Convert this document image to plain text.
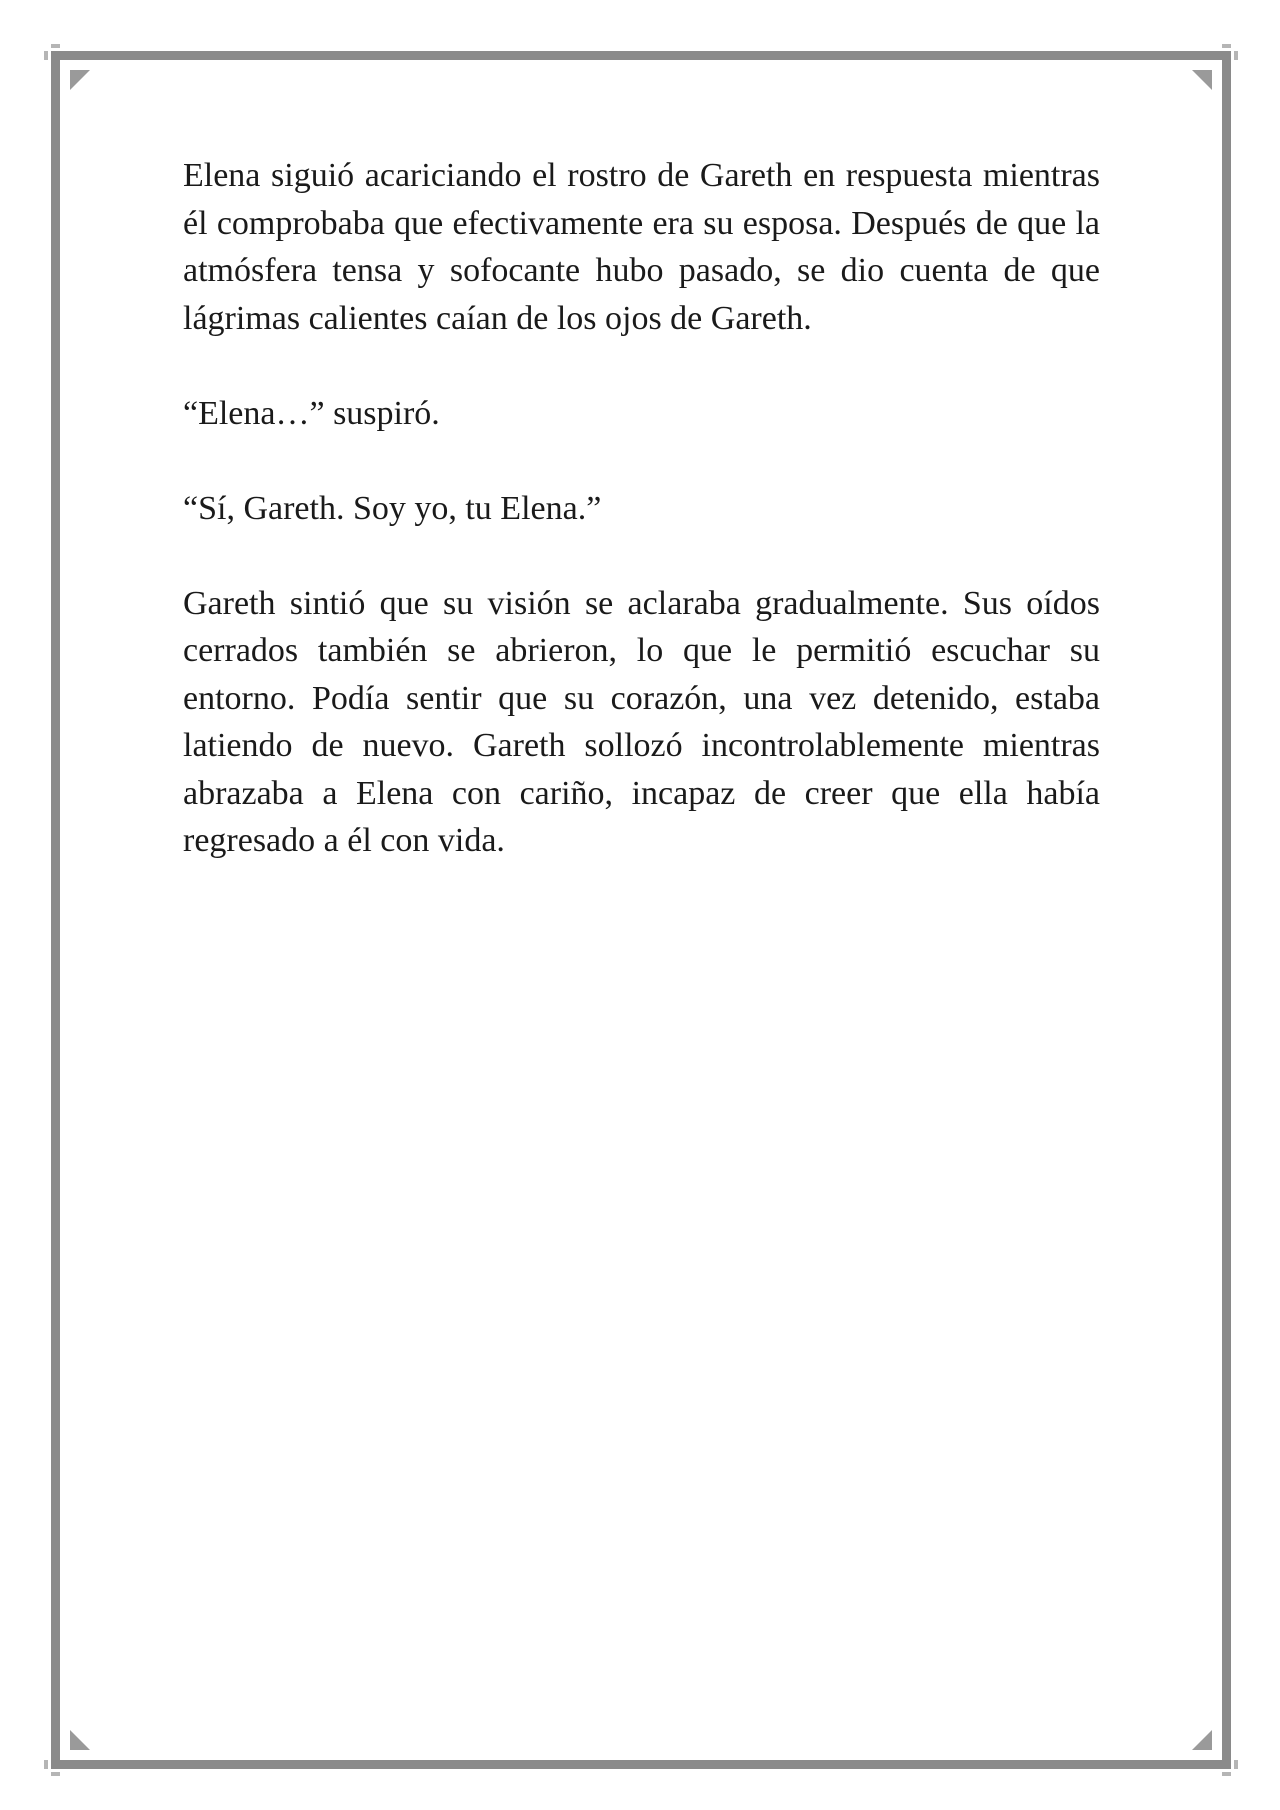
Elena siguió acariciando el rostro de Gareth en respuesta mientras él comprobaba que efectivamente era su esposa. Después de que la atmósfera tensa y sofocante hubo pasado, se dio cuenta de que lágrimas calientes caían de los ojos de Gareth.

“Elena…” suspiró.

“Sí, Gareth. Soy yo, tu Elena.”

Gareth sintió que su visión se aclaraba gradualmente. Sus oídos cerrados también se abrieron, lo que le permitió escuchar su entorno. Podía sentir que su corazón, una vez detenido, estaba latiendo de nuevo. Gareth sollozó incontrolablemente mientras abrazaba a Elena con cariño, incapaz de creer que ella había regresado a él con vida.
